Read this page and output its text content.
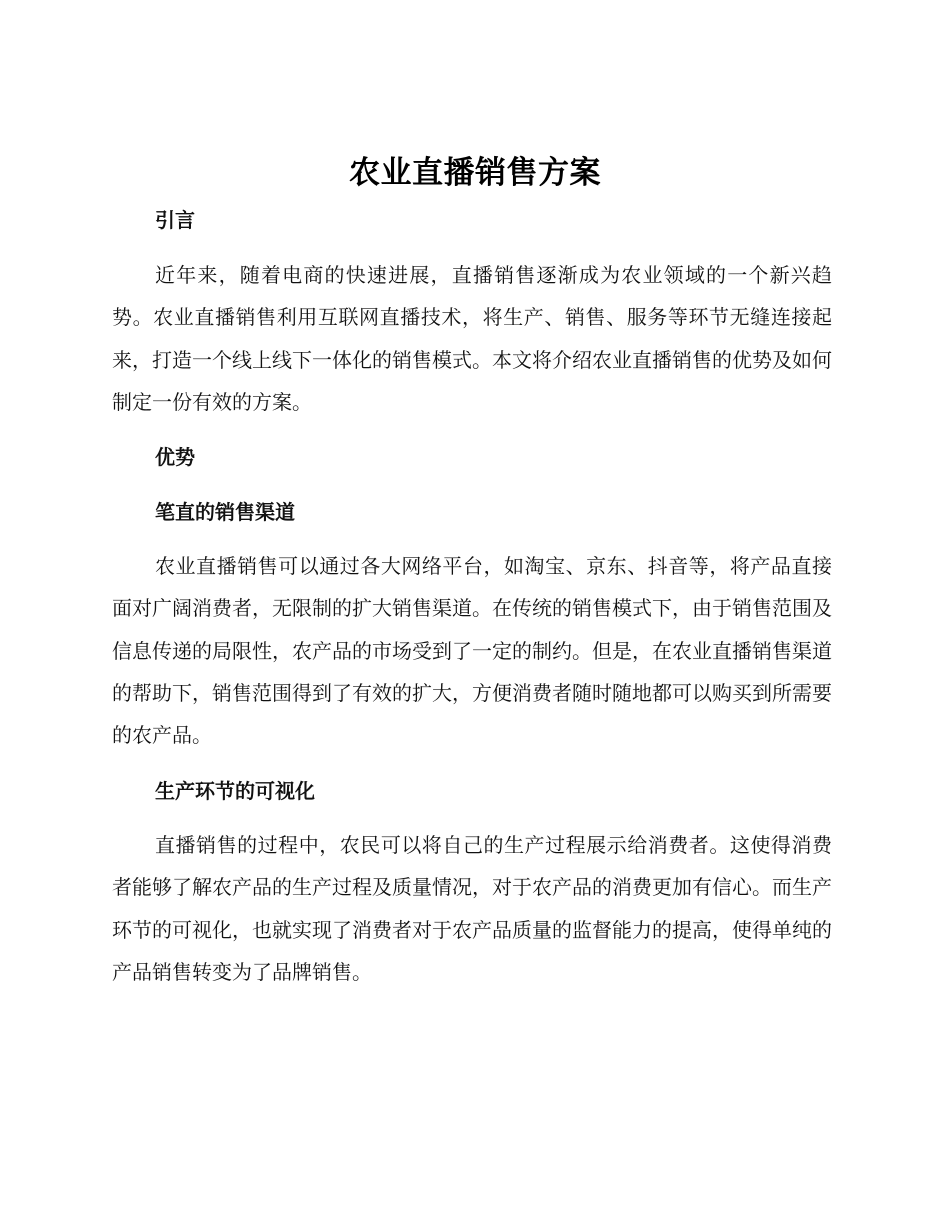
农业直播销售方案
引言

近年来，随着电商的快速进展，直播销售逐渐成为农业领域的一个新兴趋势。农业直播销售利用互联网直播技术，将生产、销售、服务等环节无缝连接起来，打造一个线上线下一体化的销售模式。本文将介绍农业直播销售的优势及如何制定一份有效的方案。

优势
笔直的销售渠道

农业直播销售可以通过各大网络平台，如淘宝、京东、抖音等，将产品直接面对广阔消费者，无限制的扩大销售渠道。在传统的销售模式下，由于销售范围及信息传递的局限性，农产品的市场受到了一定的制约。但是，在农业直播销售渠道的帮助下，销售范围得到了有效的扩大，方便消费者随时随地都可以购买到所需要的农产品。

生产环节的可视化

直播销售的过程中，农民可以将自己的生产过程展示给消费者。这使得消费者能够了解农产品的生产过程及质量情况，对于农产品的消费更加有信心。而生产环节的可视化，也就实现了消费者对于农产品质量的监督能力的提高，使得单纯的产品销售转变为了品牌销售。
